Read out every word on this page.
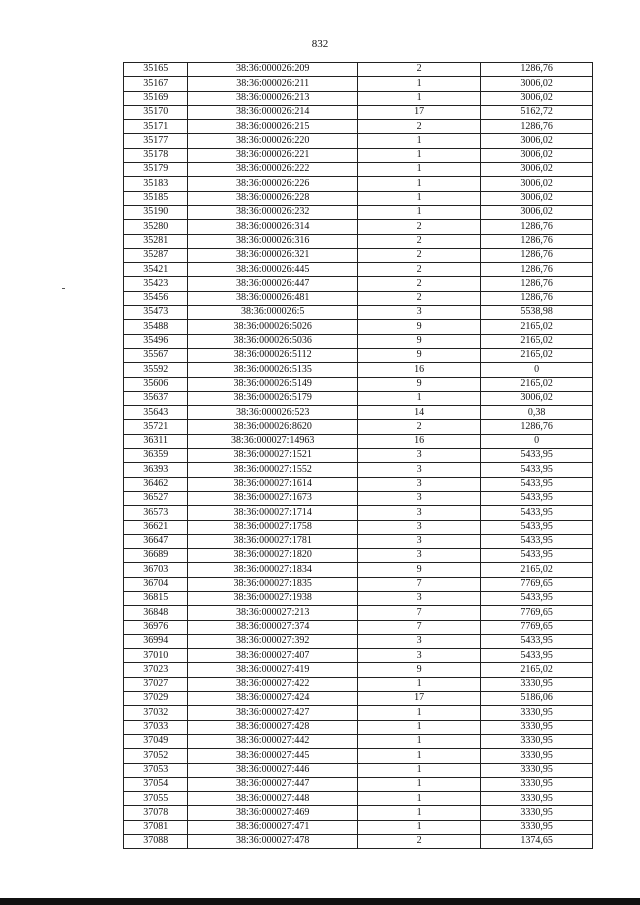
832
35165	38:36:000026:209	2	1286,76
35167	38:36:000026:211	1	3006,02
35169	38:36:000026:213	1	3006,02
35170	38:36:000026:214	17	5162,72
35171	38:36:000026:215	2	1286,76
35177	38:36:000026:220	1	3006,02
35178	38:36:000026:221	1	3006,02
35179	38:36:000026:222	1	3006,02
35183	38:36:000026:226	1	3006,02
35185	38:36:000026:228	1	3006,02
35190	38:36:000026:232	1	3006,02
35280	38:36:000026:314	2	1286,76
35281	38:36:000026:316	2	1286,76
35287	38:36:000026:321	2	1286,76
35421	38:36:000026:445	2	1286,76
35423	38:36:000026:447	2	1286,76
35456	38:36:000026:481	2	1286,76
35473	38:36:000026:5	3	5538,98
35488	38:36:000026:5026	9	2165,02
35496	38:36:000026:5036	9	2165,02
35567	38:36:000026:5112	9	2165,02
35592	38:36:000026:5135	16	0
35606	38:36:000026:5149	9	2165,02
35637	38:36:000026:5179	1	3006,02
35643	38:36:000026:523	14	0,38
35721	38:36:000026:8620	2	1286,76
36311	38:36:000027:14963	16	0
36359	38:36:000027:1521	3	5433,95
36393	38:36:000027:1552	3	5433,95
36462	38:36:000027:1614	3	5433,95
36527	38:36:000027:1673	3	5433,95
36573	38:36:000027:1714	3	5433,95
36621	38:36:000027:1758	3	5433,95
36647	38:36:000027:1781	3	5433,95
36689	38:36:000027:1820	3	5433,95
36703	38:36:000027:1834	9	2165,02
36704	38:36:000027:1835	7	7769,65
36815	38:36:000027:1938	3	5433,95
36848	38:36:000027:213	7	7769,65
36976	38:36:000027:374	7	7769,65
36994	38:36:000027:392	3	5433,95
37010	38:36:000027:407	3	5433,95
37023	38:36:000027:419	9	2165,02
37027	38:36:000027:422	1	3330,95
37029	38:36:000027:424	17	5186,06
37032	38:36:000027:427	1	3330,95
37033	38:36:000027:428	1	3330,95
37049	38:36:000027:442	1	3330,95
37052	38:36:000027:445	1	3330,95
37053	38:36:000027:446	1	3330,95
37054	38:36:000027:447	1	3330,95
37055	38:36:000027:448	1	3330,95
37078	38:36:000027:469	1	3330,95
37081	38:36:000027:471	1	3330,95
37088	38:36:000027:478	2	1374,65
